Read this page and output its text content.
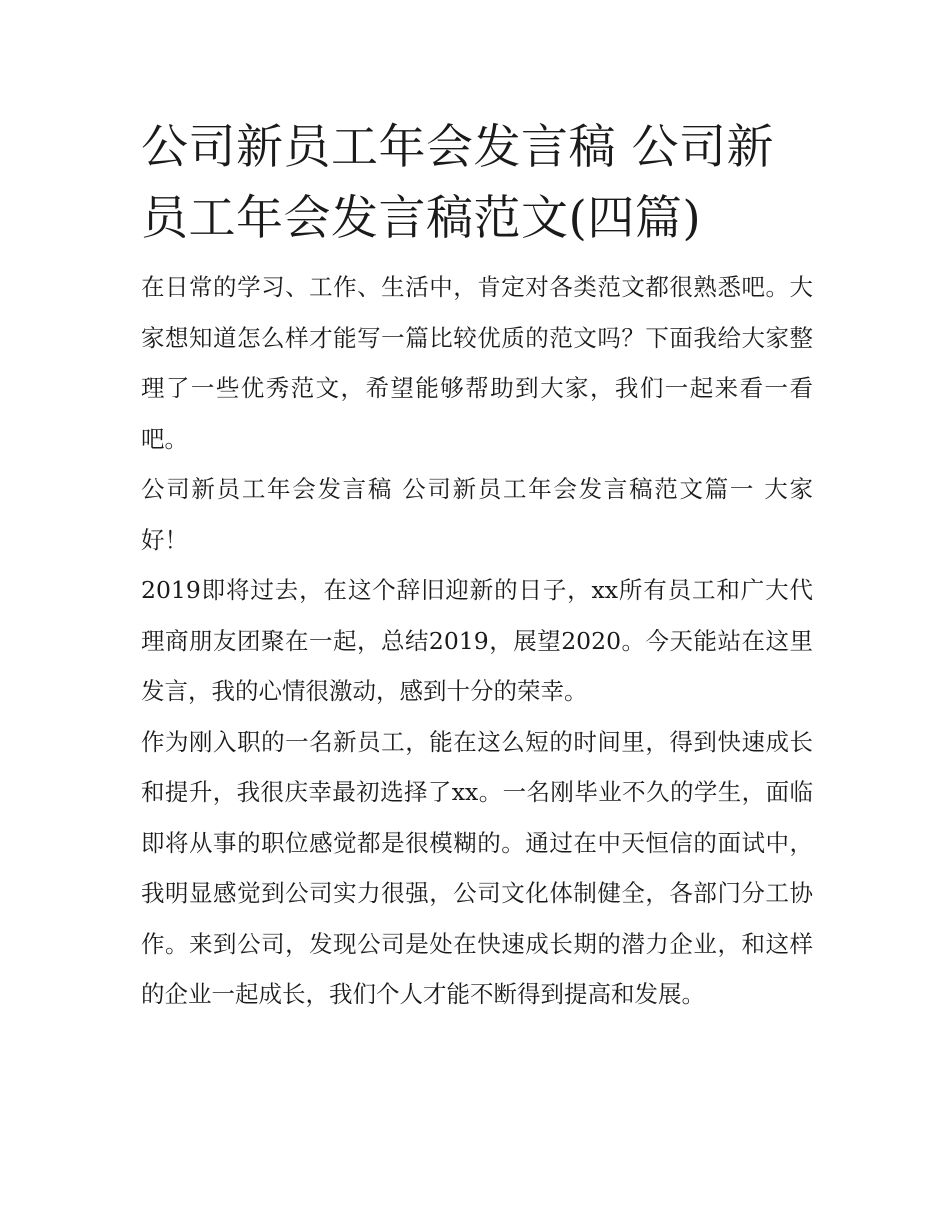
公司新员工年会发言稿 公司新员工年会发言稿范文(四篇)

在日常的学习、工作、生活中，肯定对各类范文都很熟悉吧。大家想知道怎么样才能写一篇比较优质的范文吗？下面我给大家整理了一些优秀范文，希望能够帮助到大家，我们一起来看一看吧。

公司新员工年会发言稿 公司新员工年会发言稿范文篇一 大家好！

2019即将过去，在这个辞旧迎新的日子，xx所有员工和广大代理商朋友团聚在一起，总结2019，展望2020。今天能站在这里发言，我的心情很激动，感到十分的荣幸。

作为刚入职的一名新员工，能在这么短的时间里，得到快速成长和提升，我很庆幸最初选择了xx。一名刚毕业不久的学生，面临即将从事的职位感觉都是很模糊的。通过在中天恒信的面试中，我明显感觉到公司实力很强，公司文化体制健全，各部门分工协作。来到公司，发现公司是处在快速成长期的潜力企业，和这样的企业一起成长，我们个人才能不断得到提高和发展。
